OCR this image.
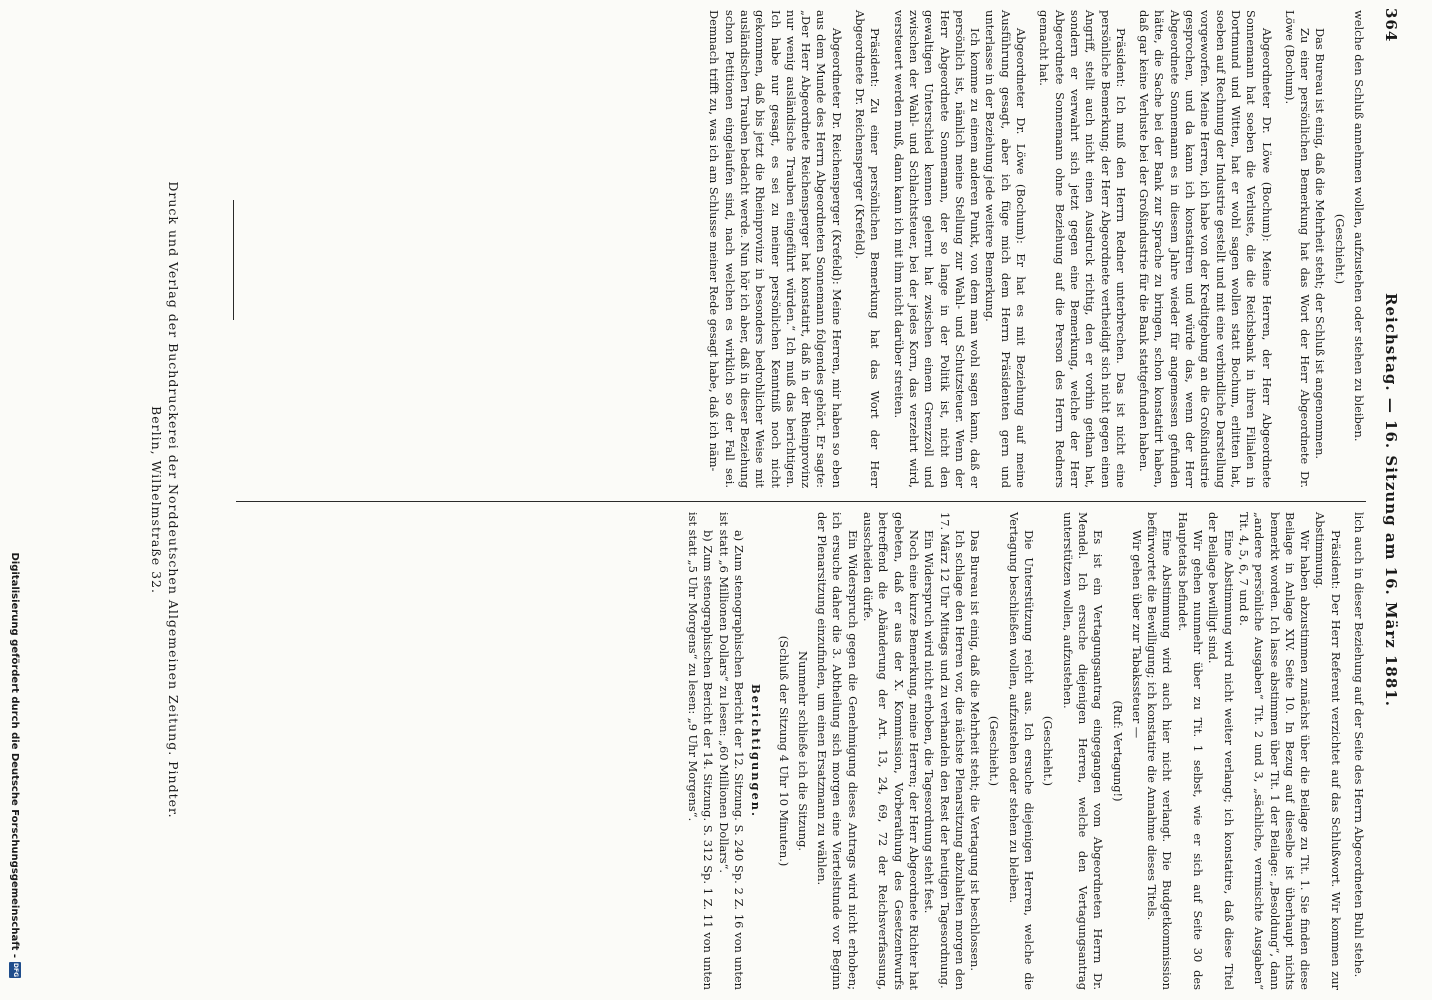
364
Reichstag. — 16. Sitzung am 16. März 1881.

welche den Schluß annehmen wollen, aufzustehen oder stehen zu bleiben.

(Geschieht.)

Das Bureau ist einig, daß die Mehrheit steht; der Schluß ist angenommen.

Zu einer persönlichen Bemerkung hat das Wort der Herr Abgeordnete Dr. Löwe (Bochum).

Abgeordneter Dr. Löwe (Bochum): Meine Herren, der Herr Abgeordnete Sonnemann hat soeben die Verluste, die die Reichsbank in ihren Filialen in Dortmund und Witten, hat er wohl sagen wollen statt Bochum, erlitten hat, soeben auf Rechnung der Industrie gestellt und mit eine verbindliche Darstellung vorgeworfen. Meine Herren, ich habe von der Kreditgebung an die Großindustrie gesprochen, und da kann ich konstatiren und würde das, wenn der Herr Abgeordnete Sonnemann es in diesem Jahre wieder für angemessen gefunden hätte, die Sache bei der Bank zur Sprache zu bringen, schon konstatirt haben, daß gar keine Verluste bei der Großindustrie für die Bank stattgefunden haben.

Präsident: Ich muß den Herrn Redner unterbrechen. Das ist nicht eine persönliche Bemerkung; der Herr Abgeordnete vertheidigt sich nicht gegen einen Angriff, stellt auch nicht einen Ausdruck richtig, den er vorhin gethan hat, sondern er verwahrt sich jetzt gegen eine Bemerkung, welche der Herr Abgeordnete Sonnemann ohne Beziehung auf die Person des Herrn Redners gemacht hat.

Abgeordneter Dr. Löwe (Bochum): Er hat es mit Beziehung auf meine Ausführung gesagt, aber ich füge mich dem Herrn Präsidenten gern und unterlasse in der Beziehung jede weitere Bemerkung.

Ich komme zu einem anderen Punkt, von dem man wohl sagen kann, daß er persönlich ist, nämlich meine Stellung zur Wahl- und Schutzsteuer. Wenn der Herr Abgeordnete Sonnemann, der so lange in der Politik ist, nicht den gewaltigen Unterschied kennen gelernt hat zwischen einem Grenzzoll und zwischen der Wahl- und Schlachtsteuer, bei der jedes Korn, das verzehrt wird, versteuert werden muß, dann kann ich mit ihm nicht darüber streiten.

Präsident: Zu einer persönlichen Bemerkung hat das Wort der Herr Abgeordnete Dr. Reichensperger (Krefeld).

Abgeordneter Dr. Reichensperger (Krefeld): Meine Herren, mir haben so eben aus dem Munde des Herrn Abgeordneten Sonnemann folgendes gehört. Er sagte: „Der Herr Abgeordnete Reichensperger hat konstatirt, daß in der Rheinprovinz nur wenig ausländische Trauben eingeführt würden.“ Ich muß das berichtigen. Ich habe nur gesagt, es sei zu meiner persönlichen Kenntniß noch nicht gekommen, daß bis jetzt die Rheinprovinz in besonders bedrohlicher Weise mit ausländischen Trauben bedacht werde. Nun hör ich aber, daß in dieser Beziehung schon Petitionen eingelaufen sind, nach welchen es wirklich so der Fall sei. Demnach trifft zu, was ich am Schlusse meiner Rede gesagt habe, daß ich näm-

lich auch in dieser Beziehung auf der Seite des Herrn Abgeordneten Buhl stehe.

Präsident: Der Herr Referent verzichtet auf das Schlußwort. Wir kommen zur Abstimmung.

Wir haben abzustimmen zunächst über die Beilage zu Tit. 1. Sie finden diese Beilage in Anlage XIV. Seite 10. In Bezug auf dieselbe ist überhaupt nichts bemerkt worden. Ich lasse abstimmen über Tit. 1 der Beilage: „Besoldung“, dann „andere persönliche Ausgaben“ Tit. 2 und 3, „sächliche, vermischte Ausgaben“ Tit. 4, 5, 6, 7 und 8.

Eine Abstimmung wird nicht weiter verlangt; ich konstatire, daß diese Titel der Beilage bewilligt sind.

Wir gehen nunmehr über zu Tit. 1 selbst, wie er sich auf Seite 30 des Hauptetats befindet.

Eine Abstimmung wird auch hier nicht verlangt. Die Budgetkommission befürwortet die Bewilligung; ich konstatire die Annahme dieses Titels.

Wir gehen über zur Tabakssteuer —

(Ruf: Vertagung!)

Es ist ein Vertagungsantrag eingegangen vom Abgeordneten Herrn Dr. Mendel. Ich ersuche diejenigen Herren, welche den Vertagungsantrag unterstützen wollen, aufzustehen.

(Geschieht.)

Die Unterstützung reicht aus. Ich ersuche diejenigen Herren, welche die Vertagung beschließen wollen, aufzustehen oder stehen zu bleiben.

(Geschieht.)

Das Bureau ist einig, daß die Mehrheit steht; die Vertagung ist beschlossen.

Ich schlage den Herren vor, die nächste Plenarsitzung abzuhalten morgen den 17. März 12 Uhr Mittags und zu verhandeln den Rest der heutigen Tagesordnung.

Ein Widerspruch wird nicht erhoben, die Tagesordnung steht fest.

Noch eine kurze Bemerkung, meine Herren; der Herr Abgeordnete Richter hat gebeten, daß er aus der X. Kommission, Vorberathung des Gesetzentwurfs betreffend die Abänderung der Art. 13, 24, 69, 72 der Reichsverfassung, ausscheiden dürfe.

Ein Widerspruch gegen die Genehmigung dieses Antrags wird nicht erhoben; ich ersuche daher die 3. Abtheilung sich morgen eine Viertelstunde vor Beginn der Plenarsitzung einzufinden, um einen Ersatzmann zu wählen.

Nunmehr schließe ich die Sitzung.

(Schluß der Sitzung 4 Uhr 10 Minuten.)

Berichtigungen.

a) Zum stenographischen Bericht der 12. Sitzung. S. 240 Sp. 2 Z. 16 von unten ist statt „6 Millionen Dollars“ zu lesen: „60 Millionen Dollars“.

b) Zum stenographischen Bericht der 14. Sitzung. S. 312 Sp. 1 Z. 11 von unten ist statt „5 Uhr Morgens“ zu lesen: „9 Uhr Morgens“.

Druck und Verlag der Buchdruckerei der Norddeutschen Allgemeinen Zeitung. Pindter.
Berlin, Wilhelmstraße 32.
Digitalisierung gefördert durch die Deutsche Forschungsgemeinschaft -
DFG
